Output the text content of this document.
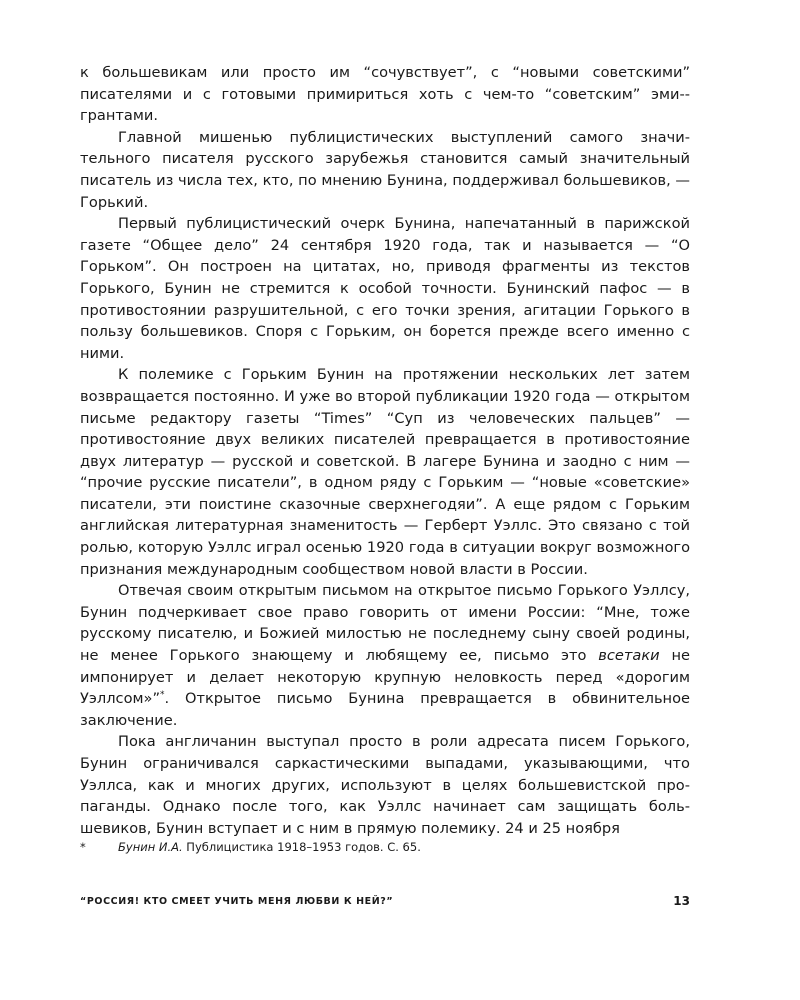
к большевикам или просто им “сочувствует”, с “новыми советскими” писателями и с готовыми примириться хоть с чем-то “советским” эми-грантами.

Главной мишенью публицистических выступлений самого значительного писателя русского зарубежья становится самый значительный писатель из числа тех, кто, по мнению Бунина, поддерживал большевиков, — Горький.

Первый публицистический очерк Бунина, напечатанный в парижской газете “Общее дело” 24 сентября 1920 года, так и называется — “О Горьком”. Он построен на цитатах, но, приводя фрагменты из текстов Горького, Бунин не стремится к особой точности. Бунинский пафос — в противостоянии разрушительной, с его точки зрения, агитации Горького в пользу большевиков. Споря с Горьким, он борется прежде всего именно с ними.

К полемике с Горьким Бунин на протяжении нескольких лет затем возвращается постоянно. И уже во второй публикации 1920 года — открытом письме редактору газеты “Times” “Суп из человеческих пальцев” — противостояние двух великих писателей превращается в противостояние двух литератур — русской и советской. В лагере Бунина и заодно с ним — “прочие русские писатели”, в одном ряду с Горьким — “новые «советские» писатели, эти поистине сказочные сверхнегодяи”. А еще рядом с Горьким английская литературная знаменитость — Герберт Уэллс. Это связано с той ролью, которую Уэллс играл осенью 1920 года в ситуации вокруг возможного признания международным сообществом новой власти в России.

Отвечая своим открытым письмом на открытое письмо Горького Уэллсу, Бунин подчеркивает свое право говорить от имени России: “Мне, тоже русскому писателю, и Божией милостью не последнему сыну своей родины, не менее Горького знающему и любящему ее, письмо это всетаки не импонирует и делает некоторую крупную неловкость перед «дорогим Уэллсом»”*. Открытое письмо Бунина превращается в обвинительное заключение.

Пока англичанин выступал просто в роли адресата писем Горького, Бунин ограничивался саркастическими выпадами, указывающими, что Уэллса, как и многих других, используют в целях большевистской пропаганды. Однако после того, как Уэллс начинает сам защищать большевиков, Бунин вступает и с ним в прямую полемику. 24 и 25 ноября

*	Бунин И.А. Публицистика 1918–1953 годов. С. 65.
“РОССИЯ! КТО СМЕЕТ УЧИТЬ МЕНЯ ЛЮБВИ К НЕЙ?”	13
